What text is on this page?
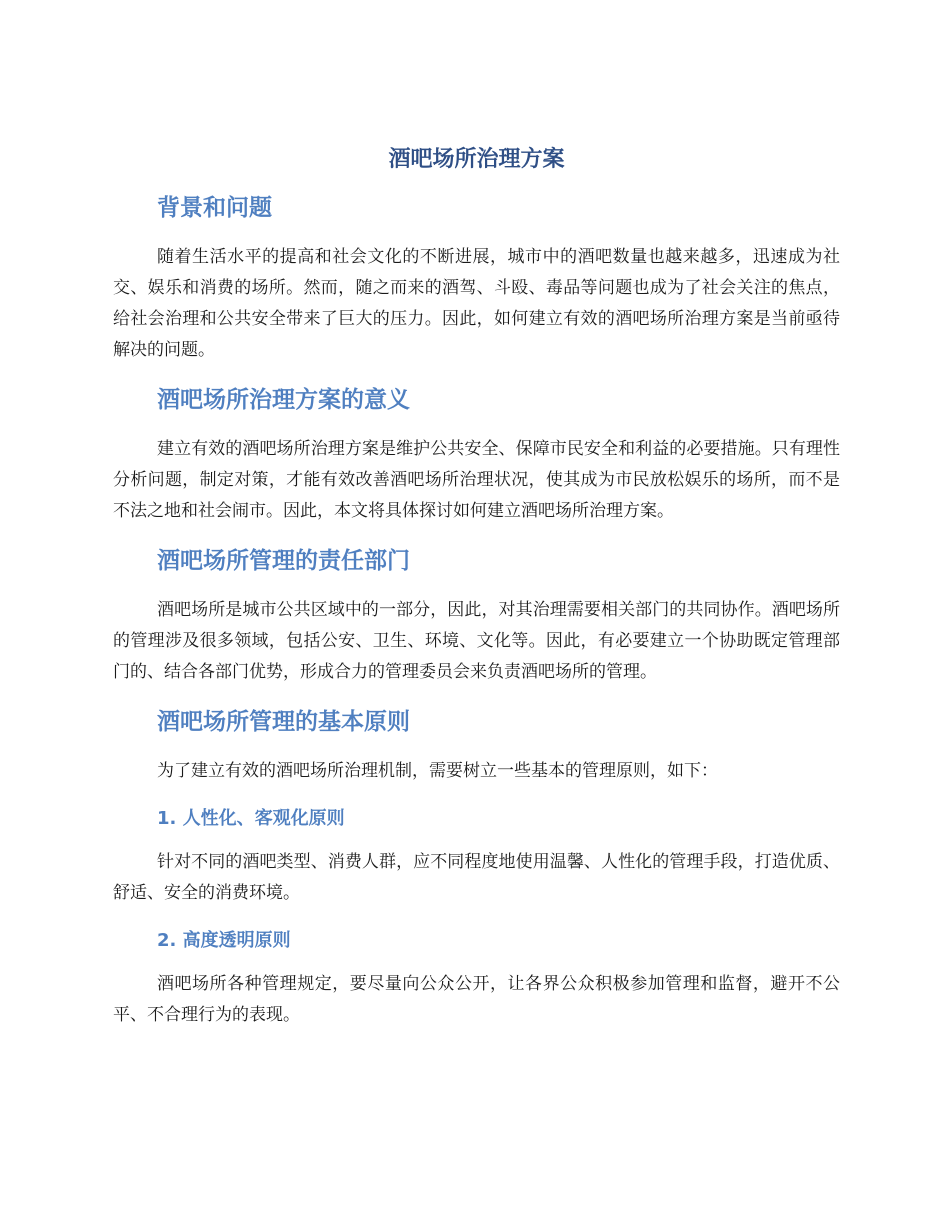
酒吧场所治理方案
背景和问题

随着生活水平的提高和社会文化的不断进展，城市中的酒吧数量也越来越多，迅速成为社交、娱乐和消费的场所。然而，随之而来的酒驾、斗殴、毒品等问题也成为了社会关注的焦点，给社会治理和公共安全带来了巨大的压力。因此，如何建立有效的酒吧场所治理方案是当前亟待解决的问题。

酒吧场所治理方案的意义

建立有效的酒吧场所治理方案是维护公共安全、保障市民安全和利益的必要措施。只有理性分析问题，制定对策，才能有效改善酒吧场所治理状况，使其成为市民放松娱乐的场所，而不是不法之地和社会闹市。因此，本文将具体探讨如何建立酒吧场所治理方案。

酒吧场所管理的责任部门

酒吧场所是城市公共区域中的一部分，因此，对其治理需要相关部门的共同协作。酒吧场所的管理涉及很多领域，包括公安、卫生、环境、文化等。因此，有必要建立一个协助既定管理部门的、结合各部门优势，形成合力的管理委员会来负责酒吧场所的管理。

酒吧场所管理的基本原则

为了建立有效的酒吧场所治理机制，需要树立一些基本的管理原则，如下：

1. 人性化、客观化原则

针对不同的酒吧类型、消费人群，应不同程度地使用温馨、人性化的管理手段，打造优质、舒适、安全的消费环境。

2. 高度透明原则

酒吧场所各种管理规定，要尽量向公众公开，让各界公众积极参加管理和监督，避开不公平、不合理行为的表现。
